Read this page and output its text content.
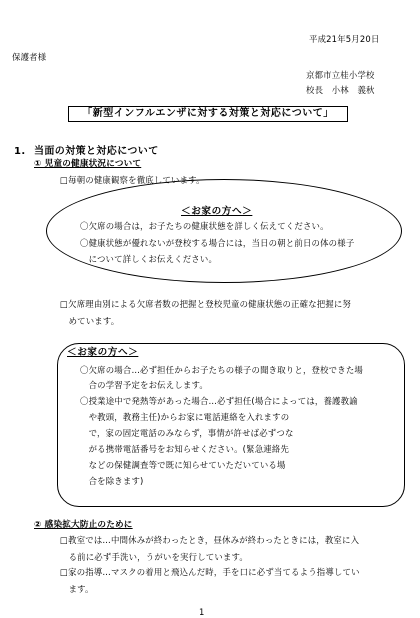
平成21年5月20日
保護者様
京都市立桂小学校
校長　小林　義秋
「新型インフルエンザに対する対策と対応について」
1. 当面の対策と対応について
① 児童の健康状況について
□毎朝の健康観察を徹底しています。
＜お家の方へ＞
〇欠席の場合は，お子たちの健康状態を詳しく伝えてください。
〇健康状態が優れないが登校する場合には，当日の朝と前日の体の様子
　について詳しくお伝えください。
□欠席理由別による欠席者数の把握と登校児童の健康状態の正確な把握に努
　めています。
＜お家の方へ＞
〇欠席の場合…必ず担任からお子たちの様子の聞き取りと，登校できた場
　合の学習予定をお伝えします。
〇授業途中で発熱等があった場合…必ず担任(場合によっては，養護教諭
　や教頭，教務主任)からお家に電話連絡を入れますの
　で，家の固定電話のみならず，事情が許せば必ずつな
　がる携帯電話番号をお知らせください。(緊急連絡先
　などの保健調査等で既に知らせていただいている場
　合を除きます)
② 感染拡大防止のために
□教室では…中間休みが終わったとき，昼休みが終わったときには，教室に入
　る前に必ず手洗い，うがいを実行しています。
□家の指導…マスクの着用と飛込んだ時，手を口に必ず当てるよう指導してい
　ます。
1
